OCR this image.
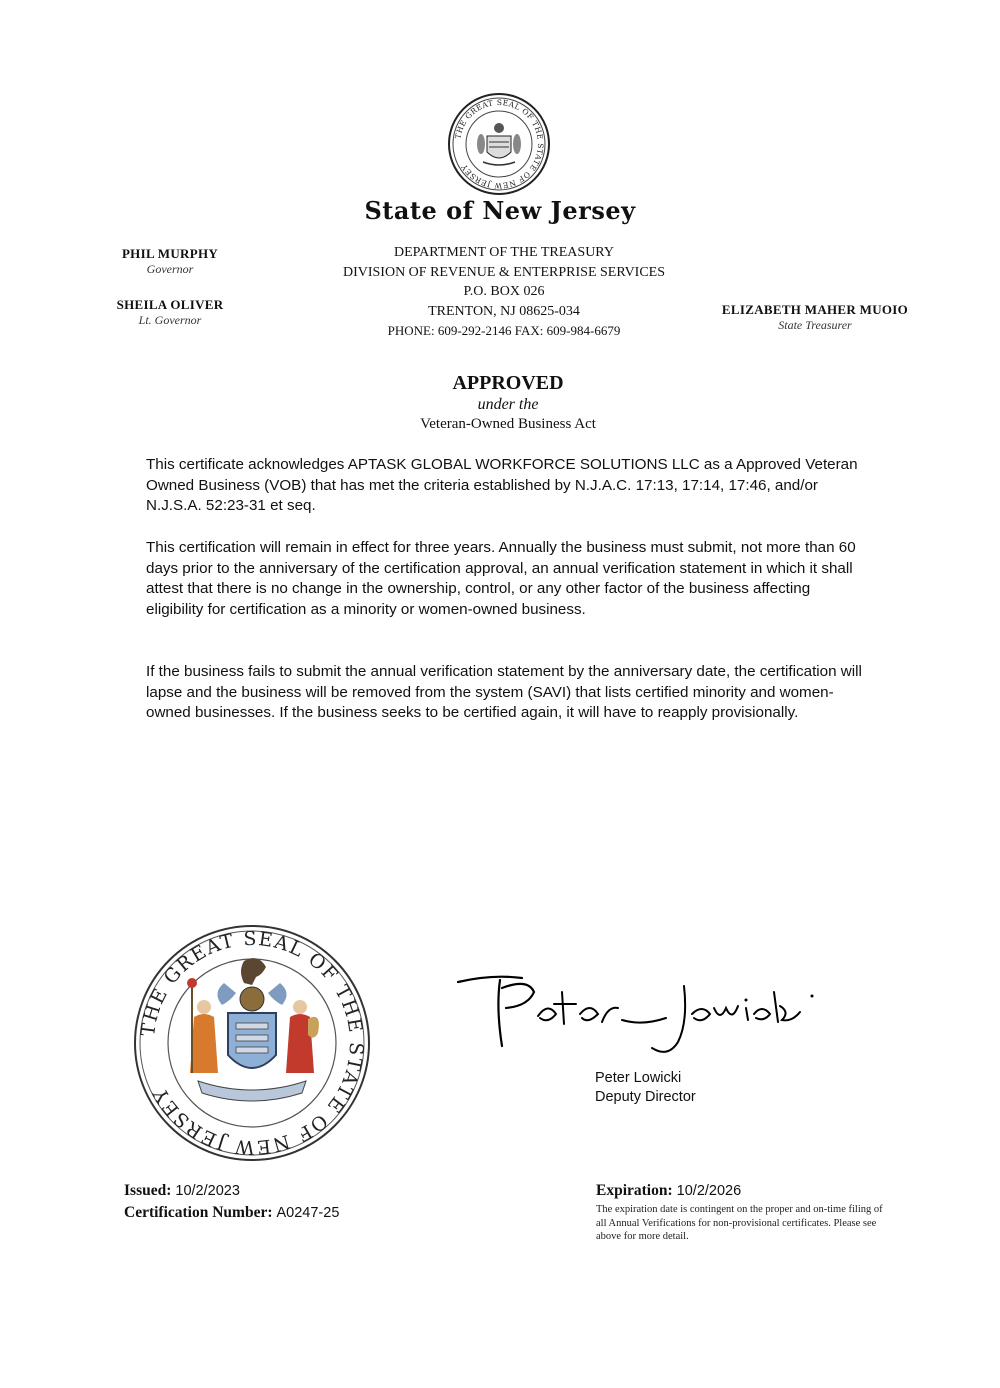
THE GREAT SEAL OF THE STATE OF NEW JERSEY
State of New Jersey
PHIL MURPHY
Governor
SHEILA OLIVER
Lt. Governor
DEPARTMENT OF THE TREASURY
DIVISION OF REVENUE & ENTERPRISE SERVICES
P.O. BOX 026
TRENTON, NJ 08625-034
PHONE: 609-292-2146 FAX: 609-984-6679
ELIZABETH MAHER MUOIO
State Treasurer
APPROVED
under the
Veteran-Owned Business Act

This certificate acknowledges APTASK GLOBAL WORKFORCE SOLUTIONS LLC as a Approved Veteran Owned Business (VOB) that has met the criteria established by N.J.A.C. 17:13, 17:14, 17:46, and/or N.J.S.A. 52:23-31 et seq.

This certification will remain in effect for three years. Annually the business must submit, not more than 60 days prior to the anniversary of the certification approval, an annual verification statement in which it shall attest that there is no change in the ownership, control, or any other factor of the business affecting eligibility for certification as a minority or women-owned business.

If the business fails to submit the annual verification statement by the anniversary date, the certification will lapse and the business will be removed from the system (SAVI) that lists certified minority and women-owned businesses. If the business seeks to be certified again, it will have to reapply provisionally.

THE GREAT SEAL OF THE STATE OF NEW JERSEY
Peter Lowicki
Deputy Director
Issued: 10/2/2023
Certification Number: A0247-25
Expiration: 10/2/2026
The expiration date is contingent on the proper and on-time filing of all Annual Verifications for non-provisional certificates. Please see above for more detail.
